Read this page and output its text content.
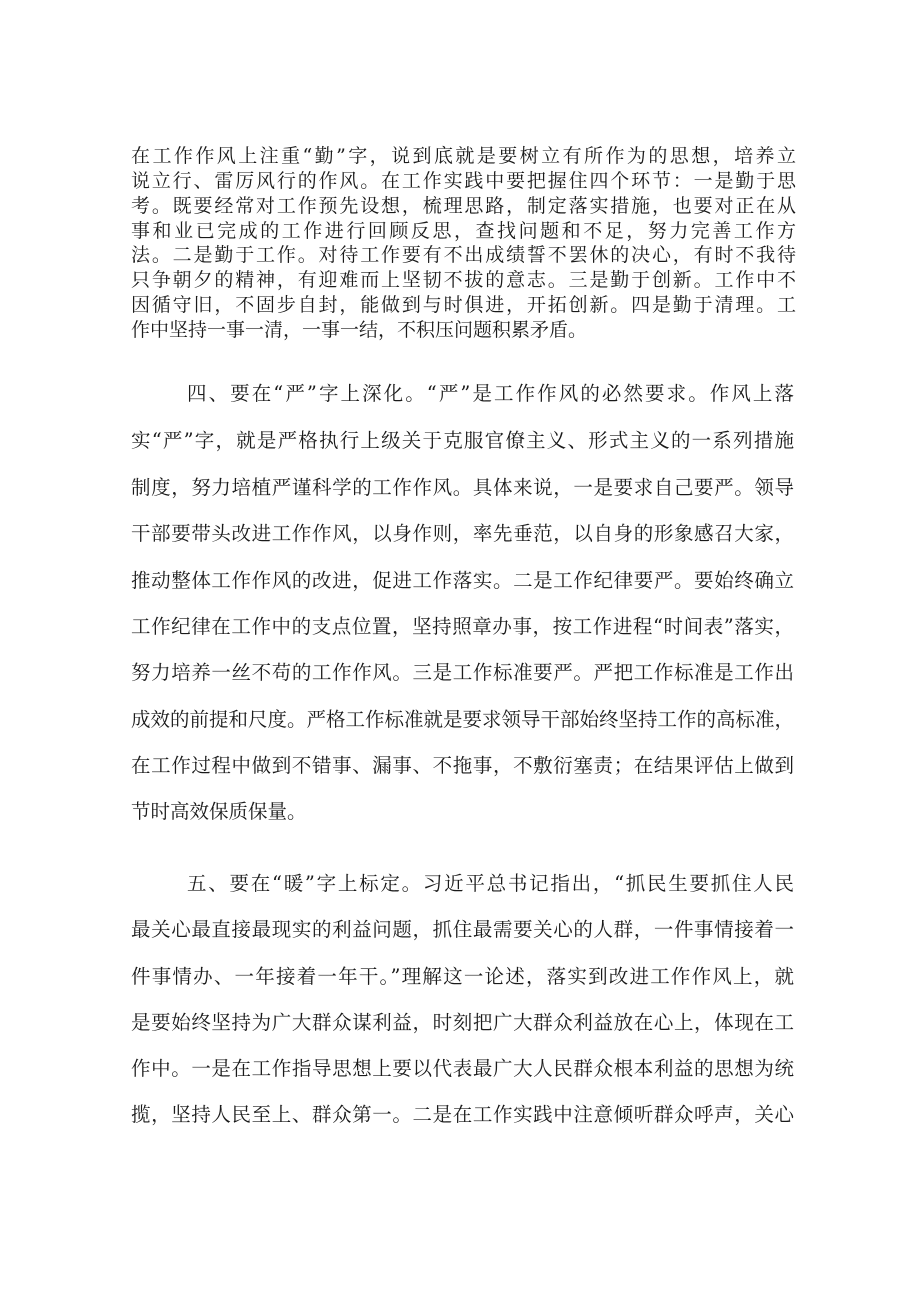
在工作作风上注重“勤”字，说到底就是要树立有所作为的思想，培养立
说立行、雷厉风行的作风。在工作实践中要把握住四个环节：一是勤于思
考。既要经常对工作预先设想，梳理思路，制定落实措施，也要对正在从
事和业已完成的工作进行回顾反思，查找问题和不足，努力完善工作方
法。二是勤于工作。对待工作要有不出成绩誓不罢休的决心，有时不我待
只争朝夕的精神，有迎难而上坚韧不拔的意志。三是勤于创新。工作中不
因循守旧，不固步自封，能做到与时俱进，开拓创新。四是勤于清理。工
作中坚持一事一清，一事一结，不积压问题积累矛盾。
四、要在“严”字上深化。“严”是工作作风的必然要求。作风上落
实“严”字，就是严格执行上级关于克服官僚主义、形式主义的一系列措施
制度，努力培植严谨科学的工作作风。具体来说，一是要求自己要严。领导
干部要带头改进工作作风，以身作则，率先垂范，以自身的形象感召大家，
推动整体工作作风的改进，促进工作落实。二是工作纪律要严。要始终确立
工作纪律在工作中的支点位置，坚持照章办事，按工作进程“时间表”落实，
努力培养一丝不苟的工作作风。三是工作标准要严。严把工作标准是工作出
成效的前提和尺度。严格工作标准就是要求领导干部始终坚持工作的高标准，
在工作过程中做到不错事、漏事、不拖事，不敷衍塞责；在结果评估上做到
节时高效保质保量。
五、要在“暖”字上标定。习近平总书记指出，“抓民生要抓住人民
最关心最直接最现实的利益问题，抓住最需要关心的人群，一件事情接着一
件事情办、一年接着一年干。”理解这一论述，落实到改进工作作风上，就
是要始终坚持为广大群众谋利益，时刻把广大群众利益放在心上，体现在工
作中。一是在工作指导思想上要以代表最广大人民群众根本利益的思想为统
揽，坚持人民至上、群众第一。二是在工作实践中注意倾听群众呼声，关心
